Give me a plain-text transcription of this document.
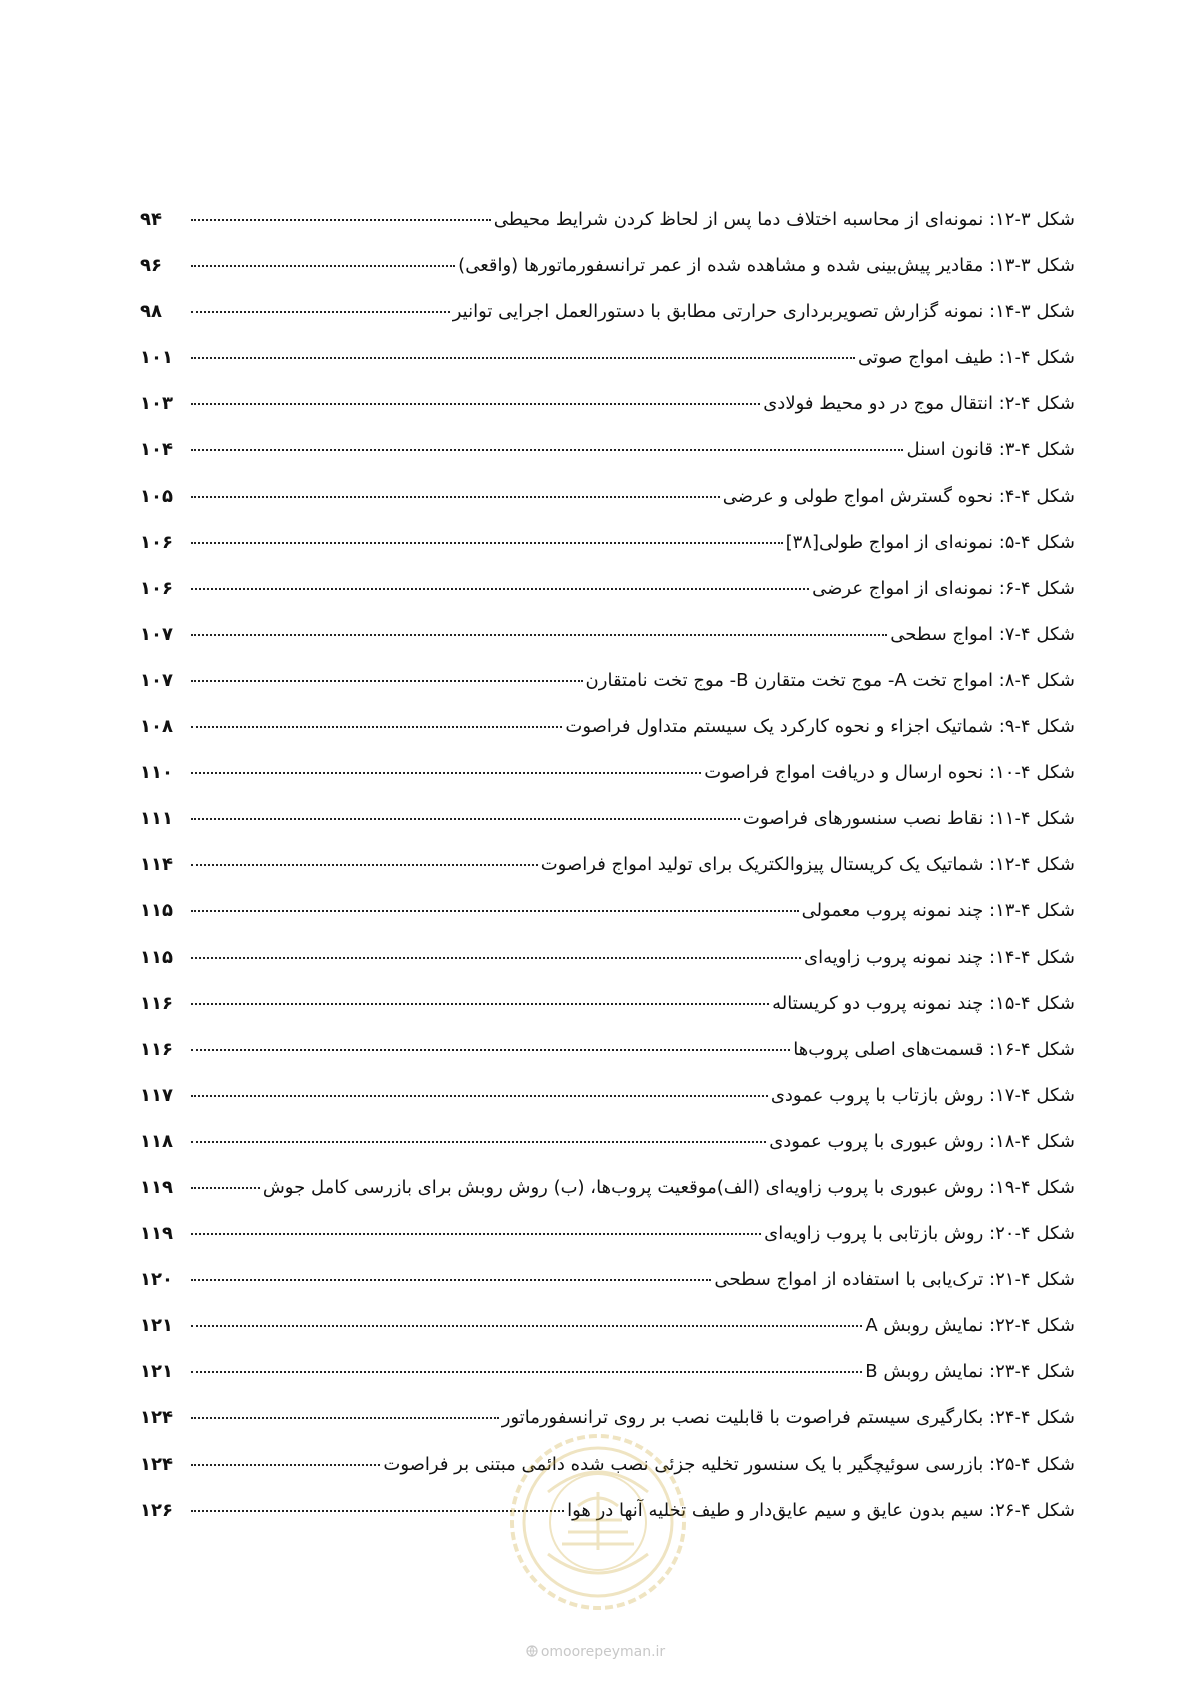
شکل ۳-۱۲: نمونه‌ای از محاسبه اختلاف دما پس از لحاظ کردن شرایط محیطی
۹۴
شکل ۳-۱۳: مقادیر پیش‌بینی شده و مشاهده شده از عمر ترانسفورماتورها (واقعی)
۹۶
شکل ۳-۱۴: نمونه گزارش تصویربرداری حرارتی مطابق با دستورالعمل اجرایی توانیر
۹۸
شکل ۴-۱: طیف امواج صوتی
۱۰۱
شکل ۴-۲: انتقال موج در دو محیط فولادی
۱۰۳
شکل ۴-۳: قانون اسنل
۱۰۴
شکل ۴-۴: نحوه گسترش امواج طولی و عرضی
۱۰۵
شکل ۴-۵: نمونه‌ای از امواج طولی[۳۸]
۱۰۶
شکل ۴-۶: نمونه‌ای از امواج عرضی
۱۰۶
شکل ۴-۷: امواج سطحی
۱۰۷
شکل ۴-۸: امواج تخت A- موج تخت متقارن B- موج تخت نامتقارن
۱۰۷
شکل ۴-۹: شماتیک اجزاء و نحوه کارکرد یک سیستم متداول فراصوت
۱۰۸
شکل ۴-۱۰: نحوه ارسال و دریافت امواج فراصوت
۱۱۰
شکل ۴-۱۱: نقاط نصب سنسورهای فراصوت
۱۱۱
شکل ۴-۱۲: شماتیک یک کریستال پیزوالکتریک برای تولید امواج فراصوت
۱۱۴
شکل ۴-۱۳: چند نمونه پروب معمولی
۱۱۵
شکل ۴-۱۴: چند نمونه پروب زاویه‌ای
۱۱۵
شکل ۴-۱۵: چند نمونه پروب دو کریستاله
۱۱۶
شکل ۴-۱۶: قسمت‌های اصلی پروب‌ها
۱۱۶
شکل ۴-۱۷: روش بازتاب با پروب عمودی
۱۱۷
شکل ۴-۱۸: روش عبوری با پروب عمودی
۱۱۸
شکل ۴-۱۹: روش عبوری با پروب زاویه‌ای (الف)موقعیت پروب‌ها، (ب) روش روبش برای بازرسی کامل جوش
۱۱۹
شکل ۴-۲۰: روش بازتابی با پروب زاویه‌ای
۱۱۹
شکل ۴-۲۱: ترک‌یابی با استفاده از امواج سطحی
۱۲۰
شکل ۴-۲۲: نمایش روبش A
۱۲۱
شکل ۴-۲۳: نمایش روبش B
۱۲۱
شکل ۴-۲۴: بکارگیری سیستم فراصوت با قابلیت نصب بر روی ترانسفورماتور
۱۲۴
شکل ۴-۲۵: بازرسی سوئیچگیر با یک سنسور تخلیه جزئی نصب شده دائمی مبتنی بر فراصوت
۱۲۴
شکل ۴-۲۶: سیم بدون عایق و سیم عایق‌دار و طیف تخلیه آنها در هوا
۱۲۶
omoorepeyman.ir
